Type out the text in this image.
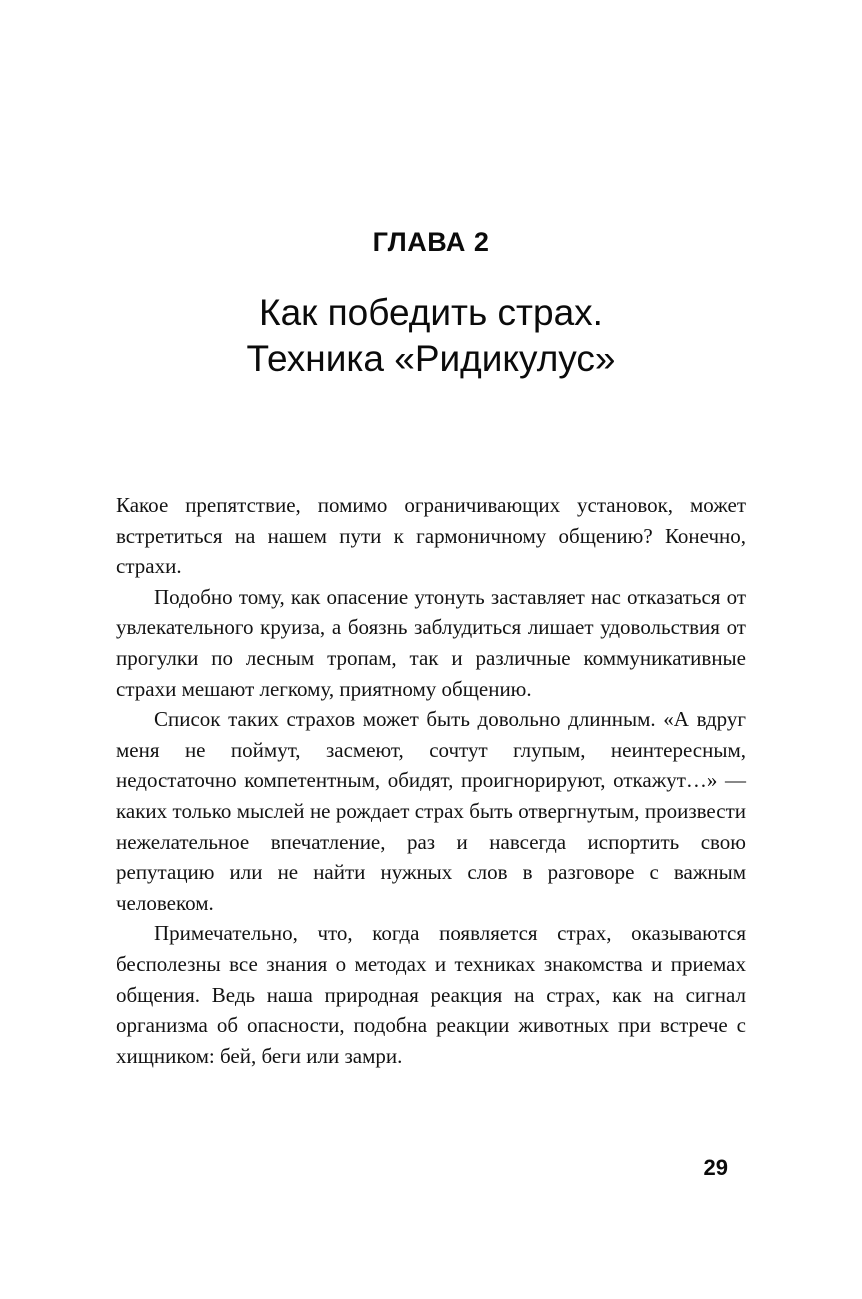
ГЛАВА 2
Как победить страх.
Техника «Ридикулус»

Какое препятствие, помимо ограничивающих установок, может встретиться на нашем пути к гармоничному общению? Конечно, страхи.

Подобно тому, как опасение утонуть заставляет нас отказаться от увлекательного круиза, а боязнь заблудиться лишает удовольствия от прогулки по лесным тропам, так и различные коммуникативные страхи мешают легкому, приятному общению.

Список таких страхов может быть довольно длинным. «А вдруг меня не поймут, засмеют, сочтут глупым, неинтересным, недостаточно компетентным, обидят, проигнорируют, откажут…» — каких только мыслей не рождает страх быть отвергнутым, произвести нежелательное впечатление, раз и навсегда испортить свою репутацию или не найти нужных слов в разговоре с важным человеком.

Примечательно, что, когда появляется страх, оказываются бесполезны все знания о методах и техниках знакомства и приемах общения. Ведь наша природная реакция на страх, как на сигнал организма об опасности, подобна реакции животных при встрече с хищником: бей, беги или замри.

29
